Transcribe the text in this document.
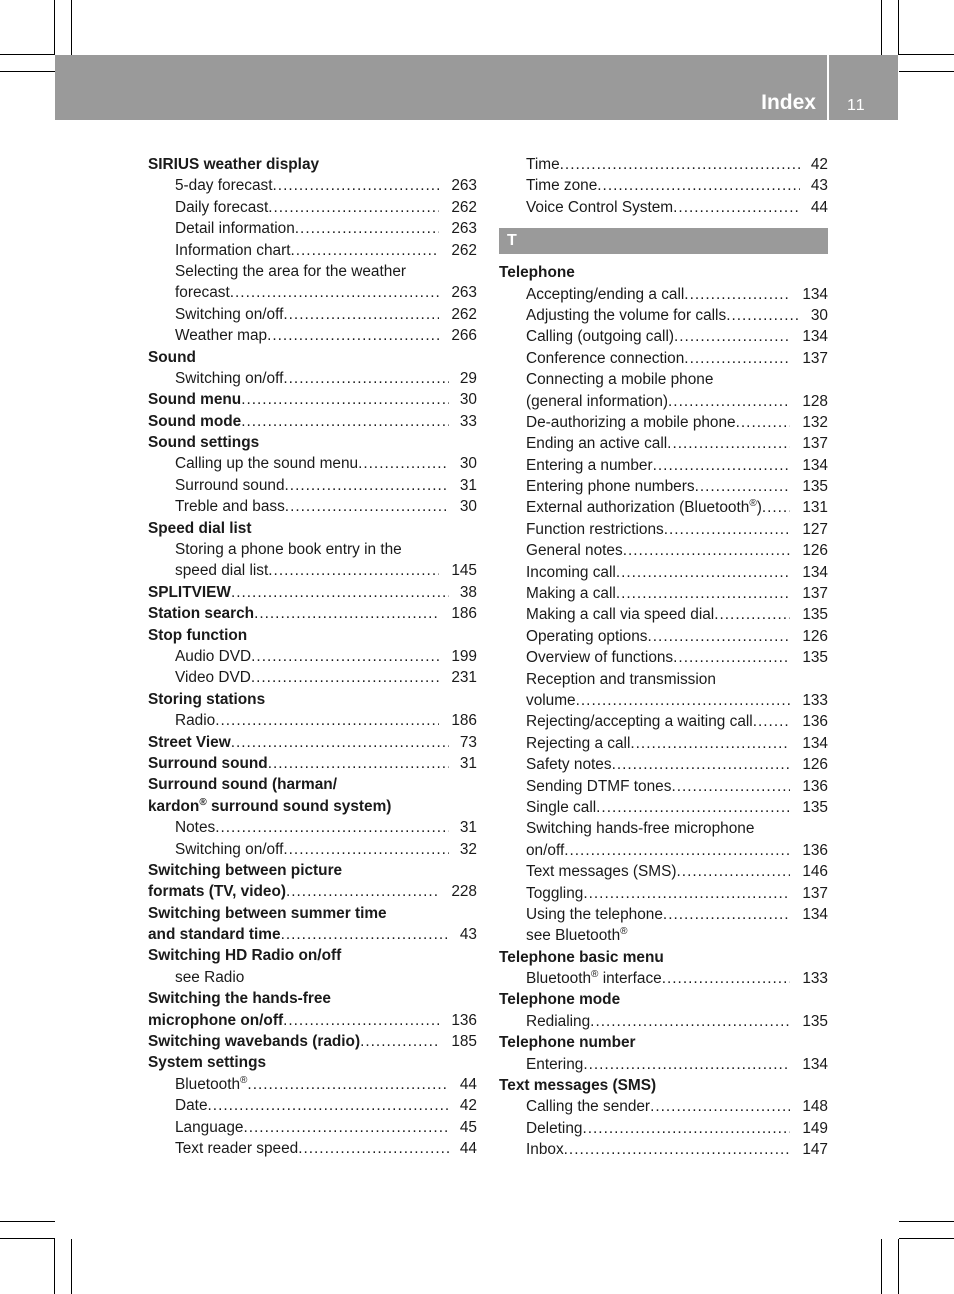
Index 11
SIRIUS weather display
5-day forecast .....	263
Daily forecast .....	262
Detail information .....	263
Information chart .....	262
Selecting the area for the weather
forecast .....	263
Switching on/off .....	262
Weather map .....	266
Sound
Switching on/off .....	29
Sound menu .....	30
Sound mode .....	33
Sound settings
Calling up the sound menu .....	30
Surround sound .....	31
Treble and bass .....	30
Speed dial list
Storing a phone book entry in the
speed dial list .....	145
SPLITVIEW .....	38
Station search .....	186
Stop function
Audio DVD .....	199
Video DVD .....	231
Storing stations
Radio .....	186
Street View .....	73
Surround sound .....	31
Surround sound (harman/
kardon® surround sound system)
Notes .....	31
Switching on/off .....	32
Switching between picture
formats (TV, video) .....	228
Switching between summer time
and standard time .....	43
Switching HD Radio on/off
see Radio
Switching the hands-free
microphone on/off .....	136
Switching wavebands (radio) .....	185
System settings
Bluetooth® .....	44
Date .....	42
Language .....	45
Text reader speed .....	44
Time .....	42
Time zone .....	43
Voice Control System .....	44
T
Telephone
Accepting/ending a call .....	134
Adjusting the volume for calls .....	30
Calling (outgoing call) .....	134
Conference connection .....	137
Connecting a mobile phone
(general information) .....	128
De-authorizing a mobile phone .....	132
Ending an active call .....	137
Entering a number .....	134
Entering phone numbers .....	135
External authorization (Bluetooth®) .....	131
Function restrictions .....	127
General notes .....	126
Incoming call .....	134
Making a call .....	137
Making a call via speed dial .....	135
Operating options .....	126
Overview of functions .....	135
Reception and transmission
volume .....	133
Rejecting/accepting a waiting call .....	136
Rejecting a call .....	134
Safety notes .....	126
Sending DTMF tones .....	136
Single call .....	135
Switching hands-free microphone
on/off .....	136
Text messages (SMS) .....	146
Toggling .....	137
Using the telephone .....	134
see Bluetooth®
Telephone basic menu
Bluetooth® interface .....	133
Telephone mode
Redialing .....	135
Telephone number
Entering .....	134
Text messages (SMS)
Calling the sender .....	148
Deleting .....	149
Inbox .....	147
